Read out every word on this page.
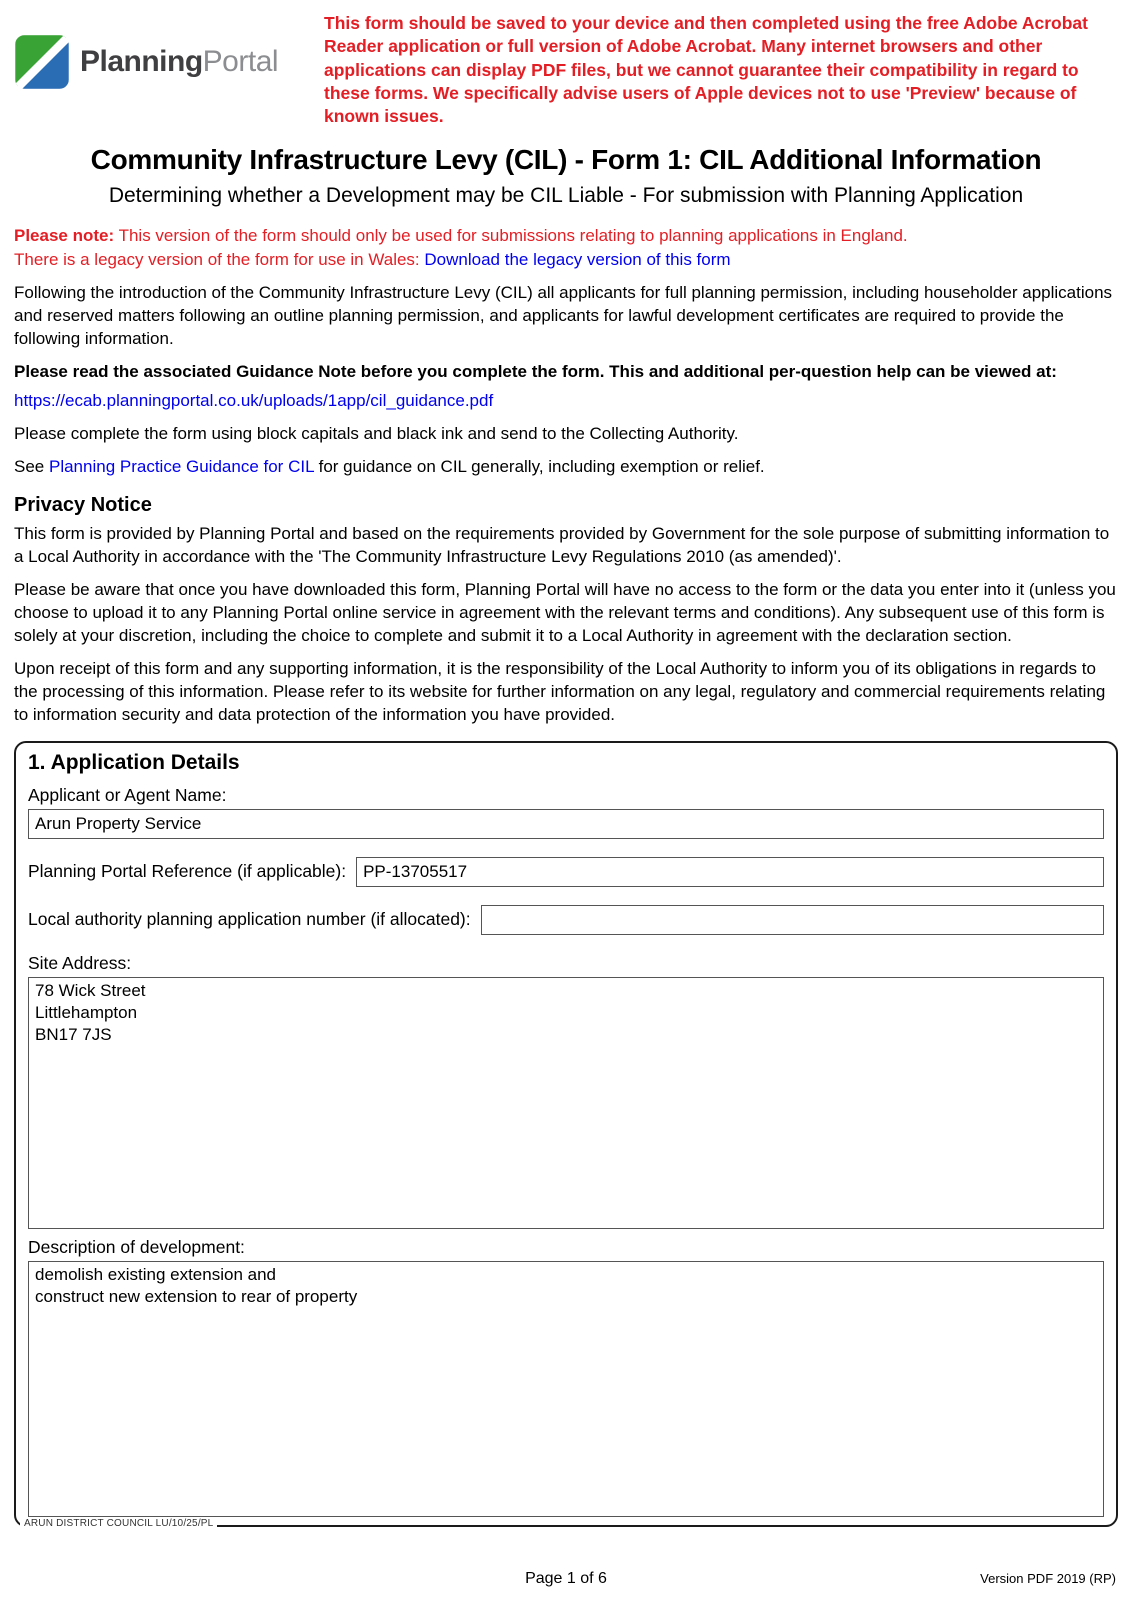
PlanningPortal
This form should be saved to your device and then completed using the free Adobe Acrobat Reader application or full version of Adobe Acrobat. Many internet browsers and other applications can display PDF files, but we cannot guarantee their compatibility in regard to these forms. We specifically advise users of Apple devices not to use 'Preview' because of known issues.
Community Infrastructure Levy (CIL) - Form 1: CIL Additional Information
Determining whether a Development may be CIL Liable - For submission with Planning Application

Please note: This version of the form should only be used for submissions relating to planning applications in England.
There is a legacy version of the form for use in Wales: Download the legacy version of this form

Following the introduction of the Community Infrastructure Levy (CIL) all applicants for full planning permission, including householder applications and reserved matters following an outline planning permission, and applicants for lawful development certificates are required to provide the following information.

Please read the associated Guidance Note before you complete the form. This and additional per-question help can be viewed at:

https://ecab.planningportal.co.uk/uploads/1app/cil_guidance.pdf

Please complete the form using block capitals and black ink and send to the Collecting Authority.

See Planning Practice Guidance for CIL for guidance on CIL generally, including exemption or relief.

Privacy Notice

This form is provided by Planning Portal and based on the requirements provided by Government for the sole purpose of submitting information to a Local Authority in accordance with the 'The Community Infrastructure Levy Regulations 2010 (as amended)'.

Please be aware that once you have downloaded this form, Planning Portal will have no access to the form or the data you enter into it (unless you choose to upload it to any Planning Portal online service in agreement with the relevant terms and conditions). Any subsequent use of this form is solely at your discretion, including the choice to complete and submit it to a Local Authority in agreement with the declaration section.

Upon receipt of this form and any supporting information, it is the responsibility of the Local Authority to inform you of its obligations in regards to the processing of this information. Please refer to its website for further information on any legal, regulatory and commercial requirements relating to information security and data protection of the information you have provided.

1. Application Details
Applicant or Agent Name:
Arun Property Service
Planning Portal Reference (if applicable):
PP-13705517
Local authority planning application number (if allocated):
Site Address:
78 Wick Street Littlehampton BN17 7JS
Description of development:
demolish existing extension and construct new extension to rear of property
ARUN DISTRICT COUNCIL LU/10/25/PL
Page 1 of 6	Version PDF 2019 (RP)
